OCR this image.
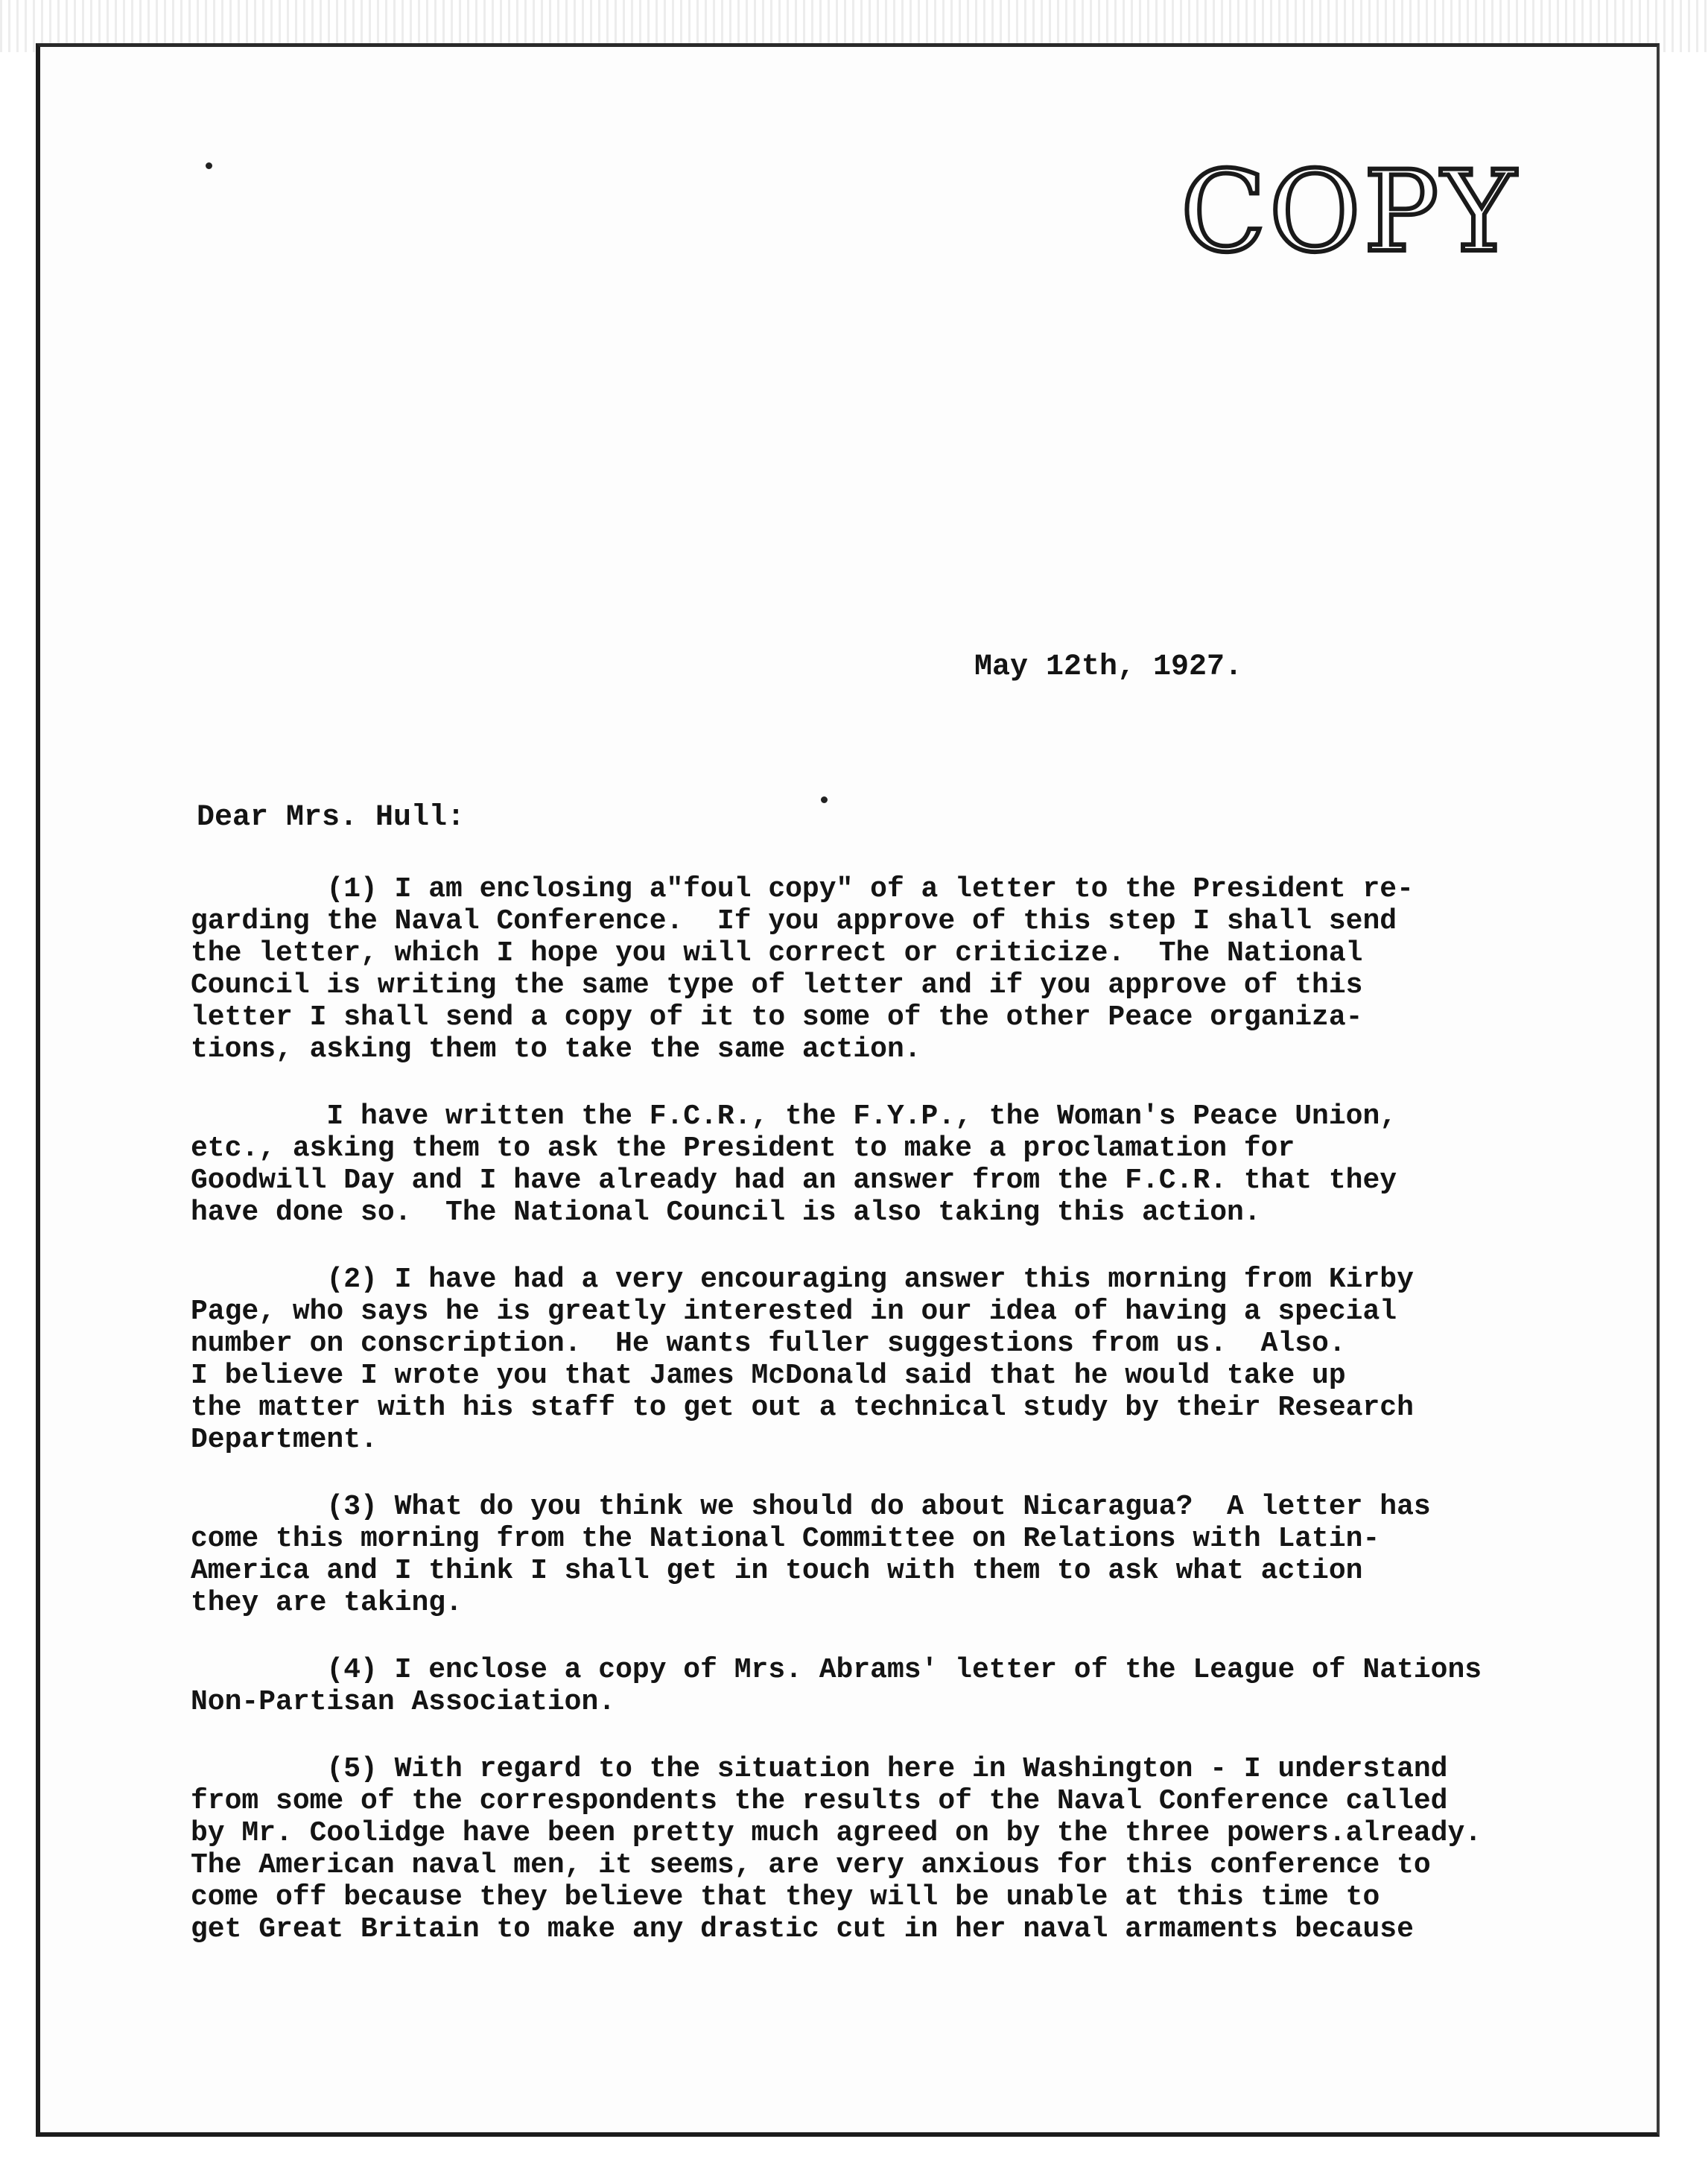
COPY
May 12th, 1927.
Dear Mrs. Hull:
(1) I am enclosing a"foul copy" of a letter to the President re-
garding the Naval Conference.  If you approve of this step I shall send
the letter, which I hope you will correct or criticize.  The National
Council is writing the same type of letter and if you approve of this
letter I shall send a copy of it to some of the other Peace organiza-
tions, asking them to take the same action.
I have written the F.C.R., the F.Y.P., the Woman's Peace Union,
etc., asking them to ask the President to make a proclamation for
Goodwill Day and I have already had an answer from the F.C.R. that they
have done so.  The National Council is also taking this action.
(2) I have had a very encouraging answer this morning from Kirby
Page, who says he is greatly interested in our idea of having a special
number on conscription.  He wants fuller suggestions from us.  Also.
I believe I wrote you that James McDonald said that he would take up
the matter with his staff to get out a technical study by their Research
Department.
(3) What do you think we should do about Nicaragua?  A letter has
come this morning from the National Committee on Relations with Latin-
America and I think I shall get in touch with them to ask what action
they are taking.
(4) I enclose a copy of Mrs. Abrams' letter of the League of Nations
Non-Partisan Association.
(5) With regard to the situation here in Washington - I understand
from some of the correspondents the results of the Naval Conference called
by Mr. Coolidge have been pretty much agreed on by the three powers.already.
The American naval men, it seems, are very anxious for this conference to
come off because they believe that they will be unable at this time to
get Great Britain to make any drastic cut in her naval armaments because
